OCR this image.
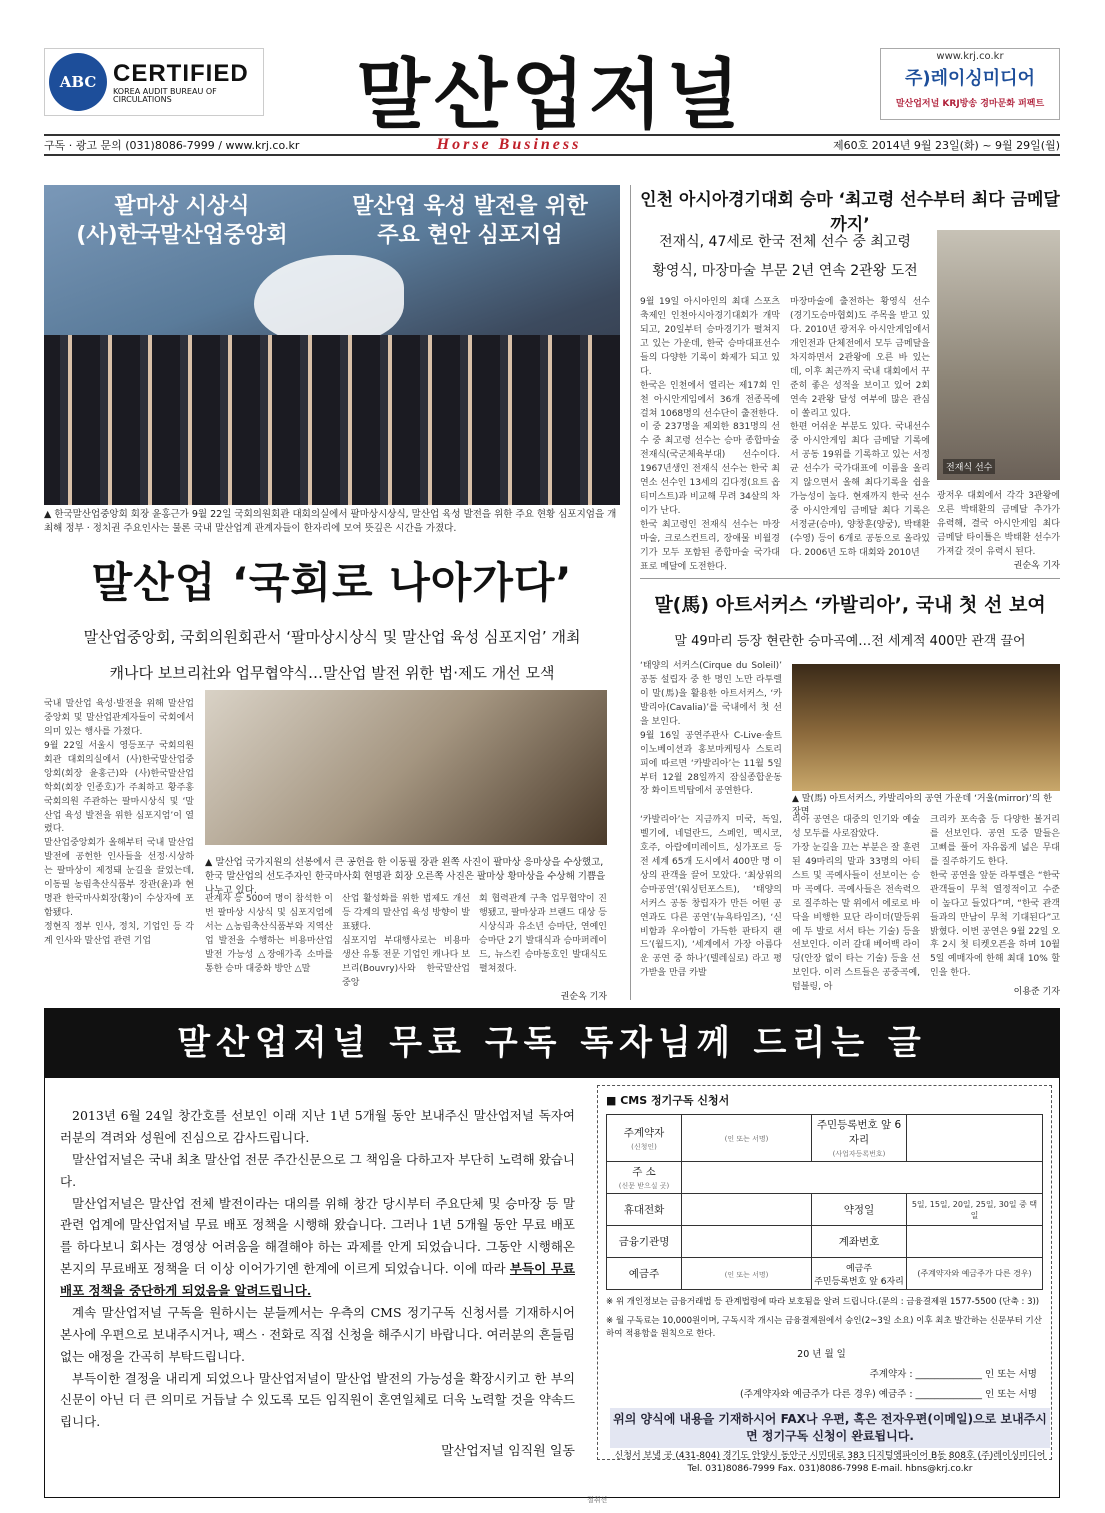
ABC CERTIFIED
KOREA AUDIT BUREAU OF
CIRCULATIONS	말산업저널	www.krj.co.kr
주)레이싱미디어
말산업저널 KRJ방송 경마문화 퍼펙트
구독 · 광고 문의 (031)8086-7999 / www.krj.co.kr	Horse Business	제60호 2014년 9월 23일(화) ~ 9월 29일(월)
팔마상 시상식
(사)한국말산업중앙회
말산업 육성 발전을 위한
주요 현안 심포지엄
▲ 한국말산업중앙회 회장 윤홍근가 9월 22일 국회의원회관 대회의실에서 팔마상시상식, 말산업 육성 발전을 위한 주요 현황 심포지엄을 개최해 정부 · 정치권 주요인사는 물론 국내 말산업계 관계자들이 한자리에 모여 뜻깊은 시간을 가졌다.
말산업 ‘국회로 나아가다’
말산업중앙회, 국회의원회관서 ‘팔마상시상식 및 말산업 육성 심포지엄’ 개최
캐나다 보브리社와 업무협약식…말산업 발전 위한 법·제도 개선 모색
국내 말산업 육성·발전을 위해 말산업중앙회 및 말산업관계자들이 국회에서 의미 있는 행사를 가졌다.
9월 22일 서울시 영등포구 국회의원회관 대회의실에서 (사)한국말산업중앙회(회장 윤홍근)와 (사)한국말산업학회(회장 인종호)가 주최하고 황주홍 국회의원 주관하는 팔마시상식 및 ‘말산업 육성 발전을 위한 심포지엄’이 열렸다.
말산업중앙회가 올해부터 국내 말산업 발전에 공헌한 인사들을 선정·시상하는 팔마상이 제정돼 눈길을 끌었는데, 이동필 농림축산식품부 장관(윤)과 현명관 한국마사회장(황)이 수상자에 포함됐다.
정현직 정부 인사, 정치, 기업인 등 각계 인사와 말산업 관련 기업
▲ 말산업 국가지원의 선봉에서 큰 공헌을 한 이동필 장관 왼쪽 사진이 팔마상 응마상을 수상했고, 한국 말산업의 선도주자인 한국마사회 현명관 회장 오른쪽 사진은 팔마상 황마상을 수상해 기쁨을 나누고 있다.
관계자 등 500여 명이 참석한 이번 팔마상 시상식 및 심포지엄에서는 △농림축산식품부와 지역산업 발전을 수행하는 비용마산업 발전 가능성 △장애가족 소마를 통한 승마 대중화 방안 △말
산업 활성화를 위한 법제도 개선 등 각계의 말산업 육성 방향이 발표됐다.
심포지엄 부대행사로는 비용마 생산 유통 전문 기업인 캐나다 보브리(Bouvry)사와 한국말산업중앙
회 협력관계 구축 업무협약이 진행됐고, 팔마상과 브랜드 대상 등 시상식과 유소년 승마단, 연예인 승마단 2기 발대식과 승마퍼레이드, 뉴스킨 승마동호인 발대식도 펼쳐졌다.
권순옥 기자
인천 아시아경기대회 승마 ‘최고령 선수부터 최다 금메달까지’
전재식, 47세로 한국 전체 선수 중 최고령
황영식, 마장마술 부문 2년 연속 2관왕 도전
전재식 선수
9월 19일 아시아인의 최대 스포츠 축제인 인천아시아경기대회가 개막되고, 20일부터 승마경기가 펼쳐지고 있는 가운데, 한국 승마대표선수들의 다양한 기록이 화제가 되고 있다.
한국은 인천에서 열리는 제17회 인천 아시안게임에서 36개 전종목에 걸쳐 1068명의 선수단이 출전한다.
이 중 237명을 제외한 831명의 선수 중 최고령 선수는 승마 종합마술 전재식(국군체육부대) 선수이다. 1967년생인 전재식 선수는 한국 최연소 선수인 13세의 김다정(요트 옵티미스트)과 비교해 무려 34살의 차이가 난다.
한국 최고령인 전재식 선수는 마장마술, 크로스컨트리, 장애물 비월경기가 모두 포함된 종합마술 국가대표로 메달에 도전한다.
마장마술에 출전하는 황영식 선수(경기도승마협회)도 주목을 받고 있다. 2010년 광저우 아시안게임에서 개인전과 단체전에서 모두 금메달을 차지하면서 2관왕에 오른 바 있는데, 이후 최근까지 국내 대회에서 꾸준히 좋은 성적을 보이고 있어 2회 연속 2관왕 달성 여부에 많은 관심이 쏠리고 있다.
한편 어쉬운 부분도 있다. 국내선수 중 아시안게임 최다 금메달 기록에서 공동 19위를 기록하고 있는 서정균 선수가 국가대표에 이름을 올리지 않으면서 올해 최다기록을 쉽을 가능성이 높다. 현재까지 한국 선수 중 아시안게임 금메달 최다 기록은 서정균(승마), 양창훈(양궁), 박태환(수영) 등이 6개로 공동으로 올라있다. 2006년 도하 대회와 2010년
광저우 대회에서 각각 3관왕에 오른 박태환의 금메달 추가가 유력해, 결국 아시안게임 최다 금메달 타이틀은 박태환 선수가 가져갈 것이 유력시 된다.
권순옥 기자
말(馬) 아트서커스 ‘카발리아’, 국내 첫 선 보여
말 49마리 등장 현란한 승마곡예…전 세계적 400만 관객 끌어
‘태양의 서커스(Cirque du Soleil)’ 공동 설립자 중 한 명인 노만 라투렐이 말(馬)을 활용한 아트서커스, ‘카발리아(Cavalia)’를 국내에서 첫 선을 보인다.
9월 16일 공연주관사 C-Live·솔트이노베이션과 홍보마케팅사 스토리피에 따르면 ‘카발리아’는 11월 5일부터 12월 28일까지 잠실종합운동장 화이트빅탑에서 공연한다.
▲ 말(馬) 아트서커스, 카발리아의 공연 가운데 ‘거울(mirror)’의 한 장면
‘카발리아’는 지금까지 미국, 독일, 벨기에, 네덜란드, 스페인, 멕시코, 호주, 아랍에미레이트, 싱가포르 등 전 세계 65개 도시에서 400만 명 이상의 관객을 끌어 모았다. ‘최상위의 승마공연’(워싱턴포스트), ‘태양의 서커스 공동 창립자가 만든 어떤 공연과도 다른 공연’(뉴욕타임즈), ‘신비함과 우아함이 가득한 판타지 랜드’(월드지), ‘세계에서 가장 아름다운 공연 중 하나’(텔레실로) 라고 평가받을 만큼 카발
리아 공연은 대중의 인기와 예술성 모두를 사로잡았다.
가장 눈길을 끄는 부분은 잘 훈련된 49마리의 말과 33명의 아티스트 및 곡예사들이 선보이는 승마 곡예다. 곡예사들은 전속력으로 질주하는 말 위에서 에로로 바닥을 비행한 묘단 라이더(말등위에 두 발로 서서 타는 기술) 등을 선보인다. 이러 갈대 베어백 라이딩(안장 없이 타는 기술) 등을 선보인다. 이러 스트들은 공중곡예, 텀블링, 아
크리카 포속춤 등 다양한 볼거리를 선보인다. 공연 도중 말들은 고삐를 풀어 자유롭게 넓은 무대를 질주하기도 한다.
한국 공연을 앞둔 라투렐은 “한국 관객들이 무척 열정적이고 수준이 높다고 들었다”며, “한국 관객들과의 만남이 무척 기대된다”고 밝혔다. 이번 공연은 9월 22일 오후 2시 첫 티켓오픈을 하며 10월 5일 예매자에 한해 최대 10% 할인을 한다.
이용준 기자
말산업저널 무료 구독 독자님께 드리는 글

2013년 6월 24일 창간호를 선보인 이래 지난 1년 5개월 동안 보내주신 말산업저널 독자여러분의 격려와 성원에 진심으로 감사드립니다.

말산업저널은 국내 최초 말산업 전문 주간신문으로 그 책임을 다하고자 부단히 노력해 왔습니다.

말산업저널은 말산업 전체 발전이라는 대의를 위해 창간 당시부터 주요단체 및 승마장 등 말관련 업계에 말산업저널 무료 배포 정책을 시행해 왔습니다. 그러나 1년 5개월 동안 무료 배포를 하다보니 회사는 경영상 어려움을 해결해야 하는 과제를 안게 되었습니다. 그동안 시행해온 본지의 무료배포 정책을 더 이상 이어가기엔 한계에 이르게 되었습니다. 이에 따라 부득이 무료 배포 정책을 중단하게 되었음을 알려드립니다.

계속 말산업저널 구독을 원하시는 분들께서는 우측의 CMS 정기구독 신청서를 기재하시어 본사에 우편으로 보내주시거나, 팩스 · 전화로 직접 신청을 해주시기 바랍니다. 여러분의 흔들림 없는 애정을 간곡히 부탁드립니다.

부득이한 결정을 내리게 되었으나 말산업저널이 말산업 발전의 가능성을 확장시키고 한 부의 신문이 아닌 더 큰 의미로 거듭날 수 있도록 모든 임직원이 혼연일체로 더욱 노력할 것을 약속드립니다.

말산업저널 임직원 일동
■ CMS 정기구독 신청서
주계약자
(신청인)	(인 또는 서명)	주민등록번호 앞 6자리
(사업자등록번호)	
주 소
(신문 받으실 곳)			
휴대전화		약정일	5일, 15일, 20일, 25일, 30일 중 택일
금융기관명		계좌번호	
예금주	(인 또는 서명)	예금주
주민등록번호 앞 6자리	(주계약자와 예금주가 다른 경우)
※ 위 개인정보는 금융거래법 등 관계법령에 따라 보호됨을 알려 드립니다.(문의 : 금융결제원 1577-5500 (단축 : 3))
※ 월 구독료는 10,000원이며, 구독시작 개시는 금융결제원에서 승인(2~3일 소요) 이후 최초 발간하는 신문부터 기산하여 적용함을 원칙으로 한다.
20 년 월 일
주계약자 : ______________ 인 또는 서명
(주계약자와 예금주가 다른 경우) 예금주 : ______________ 인 또는 서명
위의 양식에 내용을 기재하시어 FAX나 우편, 혹은 전자우편(이메일)으로 보내주시면 정기구독 신청이 완료됩니다.
신청서 보낼 곳 (431-804) 경기도 안양시 동안구 시민대로 383 디지털엠파이어 B동 808호 (주)레이싱미디어
Tel. 031)8086-7999 Fax. 031)8086-7998 E-mail. hbns@krj.co.kr
절취선
